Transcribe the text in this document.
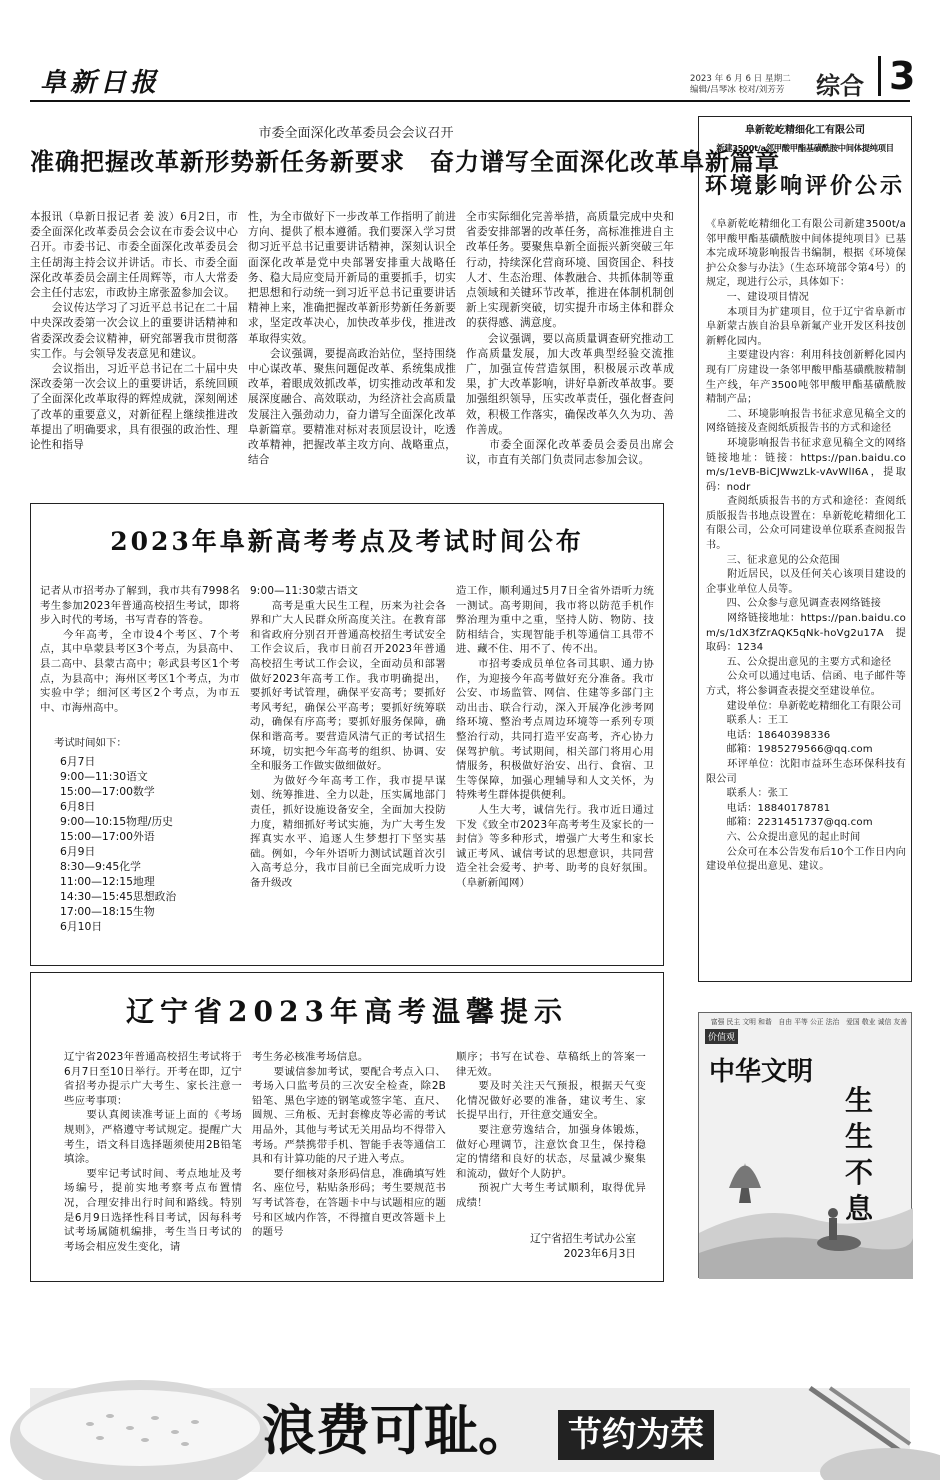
阜新日报	2023 年 6 月 6 日 星期二
编辑/吕琴冰 校对/刘芳芳 综合 3
市委全面深化改革委员会会议召开
准确把握改革新形势新任务新要求　奋力谱写全面深化改革阜新篇章
本报讯（阜新日报记者 姜 波）6月2日，市委全面深化改革委员会会议在市委会议中心召开。市委书记、市委全面深化改革委员会主任胡海主持会议并讲话。市长、市委全面深化改革委员会副主任周辉等，市人大常委会主任付志宏，市政协主席张盈参加会议。
　　会议传达学习了习近平总书记在二十届中央深改委第一次会议上的重要讲话精神和省委深改委会议精神，研究部署我市贯彻落实工作。与会领导发表意见和建议。
　　会议指出，习近平总书记在二十届中央深改委第一次会议上的重要讲话，系统回顾了全面深化改革取得的辉煌成就，深刻阐述了改革的重要意义，对新征程上继续推进改革提出了明确要求，具有很强的政治性、理论性和指导
性，为全市做好下一步改革工作指明了前进方向、提供了根本遵循。我们要深入学习贯彻习近平总书记重要讲话精神，深刻认识全面深化改革是党中央部署安排重大战略任务、稳大局应变局开新局的重要抓手，切实把思想和行动统一到习近平总书记重要讲话精神上来，准确把握改革新形势新任务新要求，坚定改革决心，加快改革步伐，推进改革取得实效。
　　会议强调，要提高政治站位，坚持围绕中心谋改革、聚焦问题促改革、系统集成推改革，着眼成效抓改革，切实推动改革和发展深度融合、高效联动，为经济社会高质量发展注入强劲动力，奋力谱写全面深化改革阜新篇章。要精准对标对表顶层设计，吃透改革精神，把握改革主攻方向、战略重点，结合
全市实际细化完善举措，高质量完成中央和省委安排部署的改革任务，高标准推进自主改革任务。要聚焦阜新全面振兴新突破三年行动，持续深化营商环境、国资国企、科技人才、生态治理、体教融合、共抓体制等重点领域和关键环节改革，推进在体制机制创新上实现新突破，切实提升市场主体和群众的获得感、满意度。
　　会议强调，要以高质量调查研究推动工作高质量发展，加大改革典型经验交流推广，加强宣传营造氛围，积极展示改革成果，扩大改革影响，讲好阜新改革故事。要加强组织领导，压实改革责任，强化督查问效，积极工作落实，确保改革久久为功、善作善成。
　　市委全面深化改革委员会委员出席会议，市直有关部门负责同志参加会议。
2023年阜新高考考点及考试时间公布
记者从市招考办了解到，我市共有7998名考生参加2023年普通高校招生考试，即将步入时代的考场，书写青春的答卷。
　　今年高考，全市设4个考区、7个考点，其中阜蒙县考区3个考点，为县高中、县二高中、县蒙古高中；彰武县考区1个考点，为县高中；海州区考区1个考点，为市实验中学；细河区考区2个考点，为市五中、市海州高中。
考试时间如下：
6月7日
9:00—11:30语文
15:00—17:00数学
6月8日
9:00—10:15物理/历史
15:00—17:00外语
6月9日
8:30—9:45化学
11:00—12:15地理
14:30—15:45思想政治
17:00—18:15生物
6月10日
9:00—11:30蒙古语文
　　高考是重大民生工程，历来为社会各界和广大人民群众所高度关注。在教育部和省政府分别召开普通高校招生考试安全工作会议后，我市日前召开2023年普通高校招生考试工作会议，全面动员和部署做好2023年高考工作。我市明确提出，要抓好考试管理，确保平安高考；要抓好考风考纪，确保公平高考；要抓好统筹联动，确保有序高考；要抓好服务保障，确保和谐高考。要营造风清气正的考试招生环境，切实把今年高考的组织、协调、安全和服务工作做实做细做好。
　　为做好今年高考工作，我市提早谋划、统筹推进、全力以赴，压实属地部门责任，抓好设施设备安全，全面加大投防力度，精细抓好考试实施，为广大考生发挥真实水平、追逐人生梦想打下坚实基础。例如，今年外语听力测试试题首次引入高考总分，我市目前已全面完成听力设备升级改
造工作，顺利通过5月7日全省外语听力统一测试。高考期间，我市将以防范手机作弊治理为重中之重，坚持人防、物防、技防相结合，实现智能手机等通信工具带不进、藏不住、用不了、传不出。
　　市招考委成员单位各司其职、通力协作，为迎接今年高考做好充分准备。我市公安、市场监管、网信、住建等多部门主动出击、联合行动，深入开展净化涉考网络环境、整治考点周边环境等一系列专项整治行动，共同打造平安高考，齐心协力保驾护航。考试期间，相关部门将用心用情服务，积极做好治安、出行、食宿、卫生等保障，加强心理辅导和人文关怀，为特殊考生群体提供便利。
　　人生大考，诚信先行。我市近日通过下发《致全市2023年高考考生及家长的一封信》等多种形式，增强广大考生和家长诚正考风、诚信考试的思想意识，共同营造全社会爱考、护考、助考的良好氛围。（阜新新闻网）
辽宁省2023年高考温馨提示
辽宁省2023年普通高校招生考试将于6月7日至10日举行。开考在即，辽宁省招考办提示广大考生、家长注意一些应考事项：
　　要认真阅读准考证上面的《考场规则》，严格遵守考试规定。提醒广大考生，语文科目选择题须使用2B铅笔填涂。
　　要牢记考试时间、考点地址及考场编号，提前实地考察考点布置情况，合理安排出行时间和路线。特别是6月9日选择性科目考试，因每科考试考场属随机编排，考生当日考试的考场会相应发生变化，请
考生务必核准考场信息。
　　要诚信参加考试，要配合考点入口、考场入口监考员的三次安全检查，除2B铅笔、黑色字迹的钢笔或签字笔、直尺、圆规、三角板、无封套橡皮等必需的考试用品外，其他与考试无关用品均不得带入考场。严禁携带手机、智能手表等通信工具和有计算功能的尺子进入考点。
　　要仔细核对条形码信息，准确填写姓名、座位号，粘贴条形码；考生要规范书写考试答卷，在答题卡中与试题相应的题号和区域内作答，不得擅自更改答题卡上的题号
顺序；书写在试卷、草稿纸上的答案一律无效。
　　要及时关注天气预报，根据天气变化情况做好必要的准备，建议考生、家长提早出行，开往意交通安全。
　　要注意劳逸结合，加强身体锻炼，做好心理调节，注意饮食卫生，保持稳定的情绪和良好的状态，尽量减少聚集和流动，做好个人防护。
　　预祝广大考生考试顺利，取得优异成绩！
辽宁省招生考试办公室
2023年6月3日
阜新乾屹精细化工有限公司
新建3500t/a邻甲酸甲酯基磺酰胺中间体提纯项目
环境影响评价公示
《阜新乾屹精细化工有限公司新建3500t/a邻甲酸甲酯基磺酰胺中间体提纯项目》已基本完成环境影响报告书编制，根据《环境保护公众参与办法》（生态环境部令第4号）的规定，现进行公示，具体如下：
　　一、建设项目情况
　　本项目为扩建项目，位于辽宁省阜新市阜新蒙古族自治县阜新氟产业开发区科技创新孵化园内。
　　主要建设内容：利用科技创新孵化园内现有厂房建设一条邻甲酸甲酯基磺酰胺精制生产线，年产3500吨邻甲酸甲酯基磺酰胺精制产品；
　　二、环境影响报告书征求意见稿全文的网络链接及查阅纸质报告书的方式和途径
　　环境影响报告书征求意见稿全文的网络链接地址：链接：https://pan.baidu.com/s/1eVB-BiCJWwzLk-vAvWlI6A，提取码：nodr
　　查阅纸质报告书的方式和途径：查阅纸质版报告书地点设置在：阜新乾屹精细化工有限公司，公众可同建设单位联系查阅报告书。
　　三、征求意见的公众范围
　　附近居民，以及任何关心该项目建设的企事业单位人员等。
　　四、公众参与意见调查表网络链接
　　网络链接地址：https://pan.baidu.com/s/1dX3fZrAQK5qNk-hoVg2u17A 提取码：1234
　　五、公众提出意见的主要方式和途径
　　公众可以通过电话、信函、电子邮件等方式，将公参调查表提交至建设单位。
　　建设单位：阜新乾屹精细化工有限公司
　　联系人：王工
　　电话：18640398336
　　邮箱：1985279566@qq.com
　　环评单位：沈阳市益环生态环保科技有限公司
　　联系人：张工
　　电话：18840178781
　　邮箱：2231451737@qq.com
　　六、公众提出意见的起止时间
　　公众可在本公告发布后10个工作日内向建设单位提出意见、建议。
富强 民主 文明 和谐　自由 平等 公正 法治　爱国 敬业 诚信 友善
价值观
中华文明
生生不息
浪费可耻。 节约为荣
